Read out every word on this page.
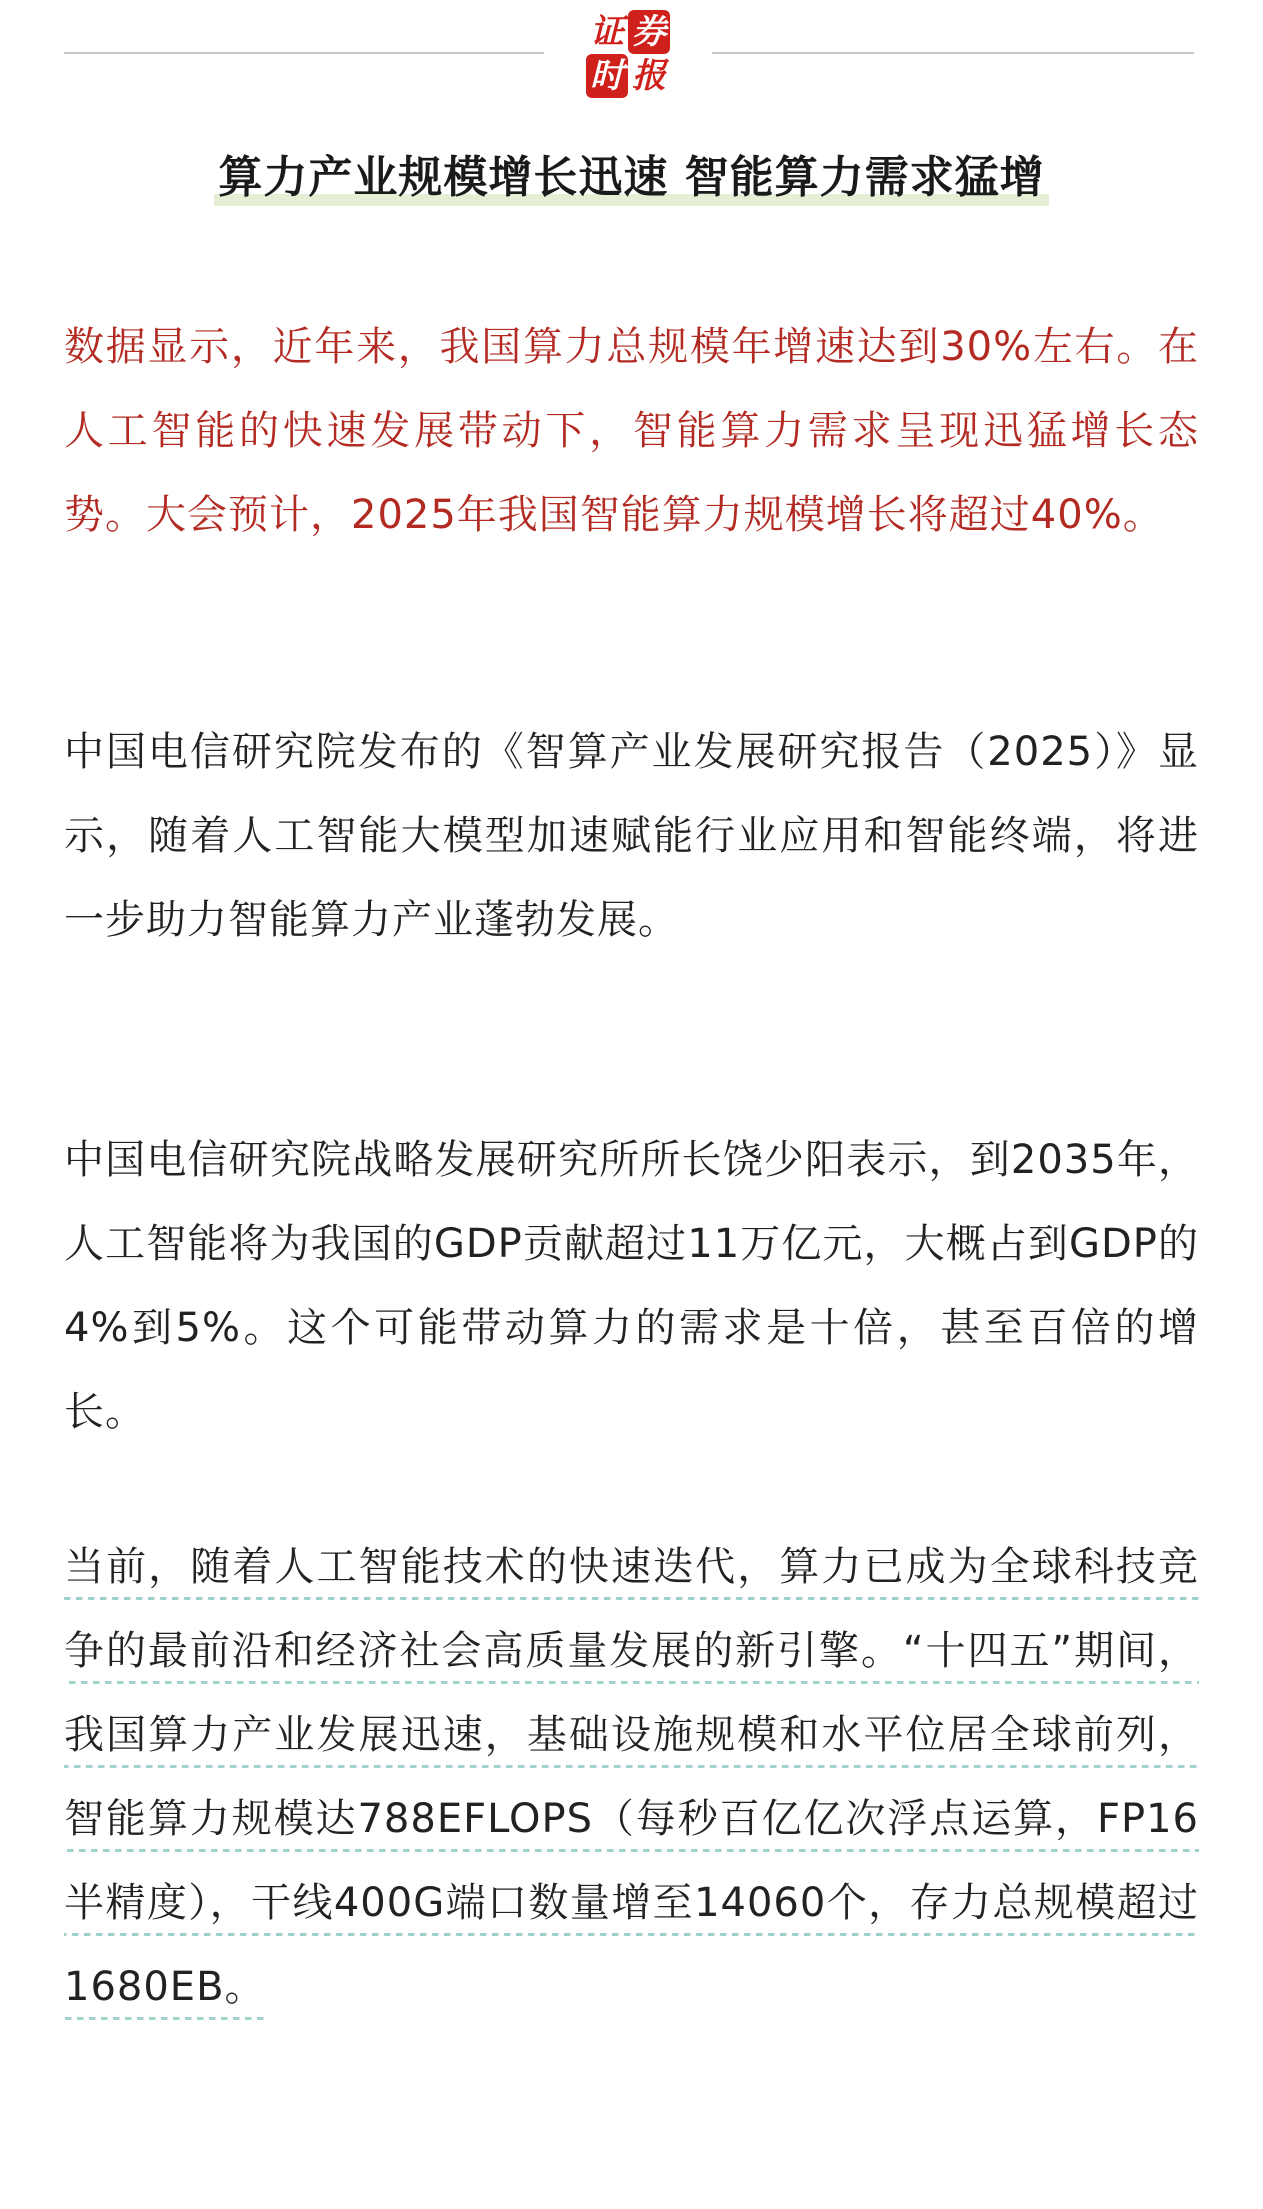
证 券
时 报
算力产业规模增长迅速 智能算力需求猛增

数据显示，近年来，我国算力总规模年增速达到30%左右。在人工智能的快速发展带动下，智能算力需求呈现迅猛增长态势。大会预计，2025年我国智能算力规模增长将超过40%。

中国电信研究院发布的《智算产业发展研究报告（2025）》显示，随着人工智能大模型加速赋能行业应用和智能终端，将进一步助力智能算力产业蓬勃发展。

中国电信研究院战略发展研究所所长饶少阳表示，到2035年，人工智能将为我国的GDP贡献超过11万亿元，大概占到GDP的4%到5%。这个可能带动算力的需求是十倍，甚至百倍的增长。

当前，随着人工智能技术的快速迭代，算力已成为全球科技竞争的最前沿和经济社会高质量发展的新引擎。“十四五”期间，我国算力产业发展迅速，基础设施规模和水平位居全球前列，智能算力规模达788EFLOPS（每秒百亿亿次浮点运算，FP16半精度），干线400G端口数量增至14060个，存力总规模超过1680EB。
